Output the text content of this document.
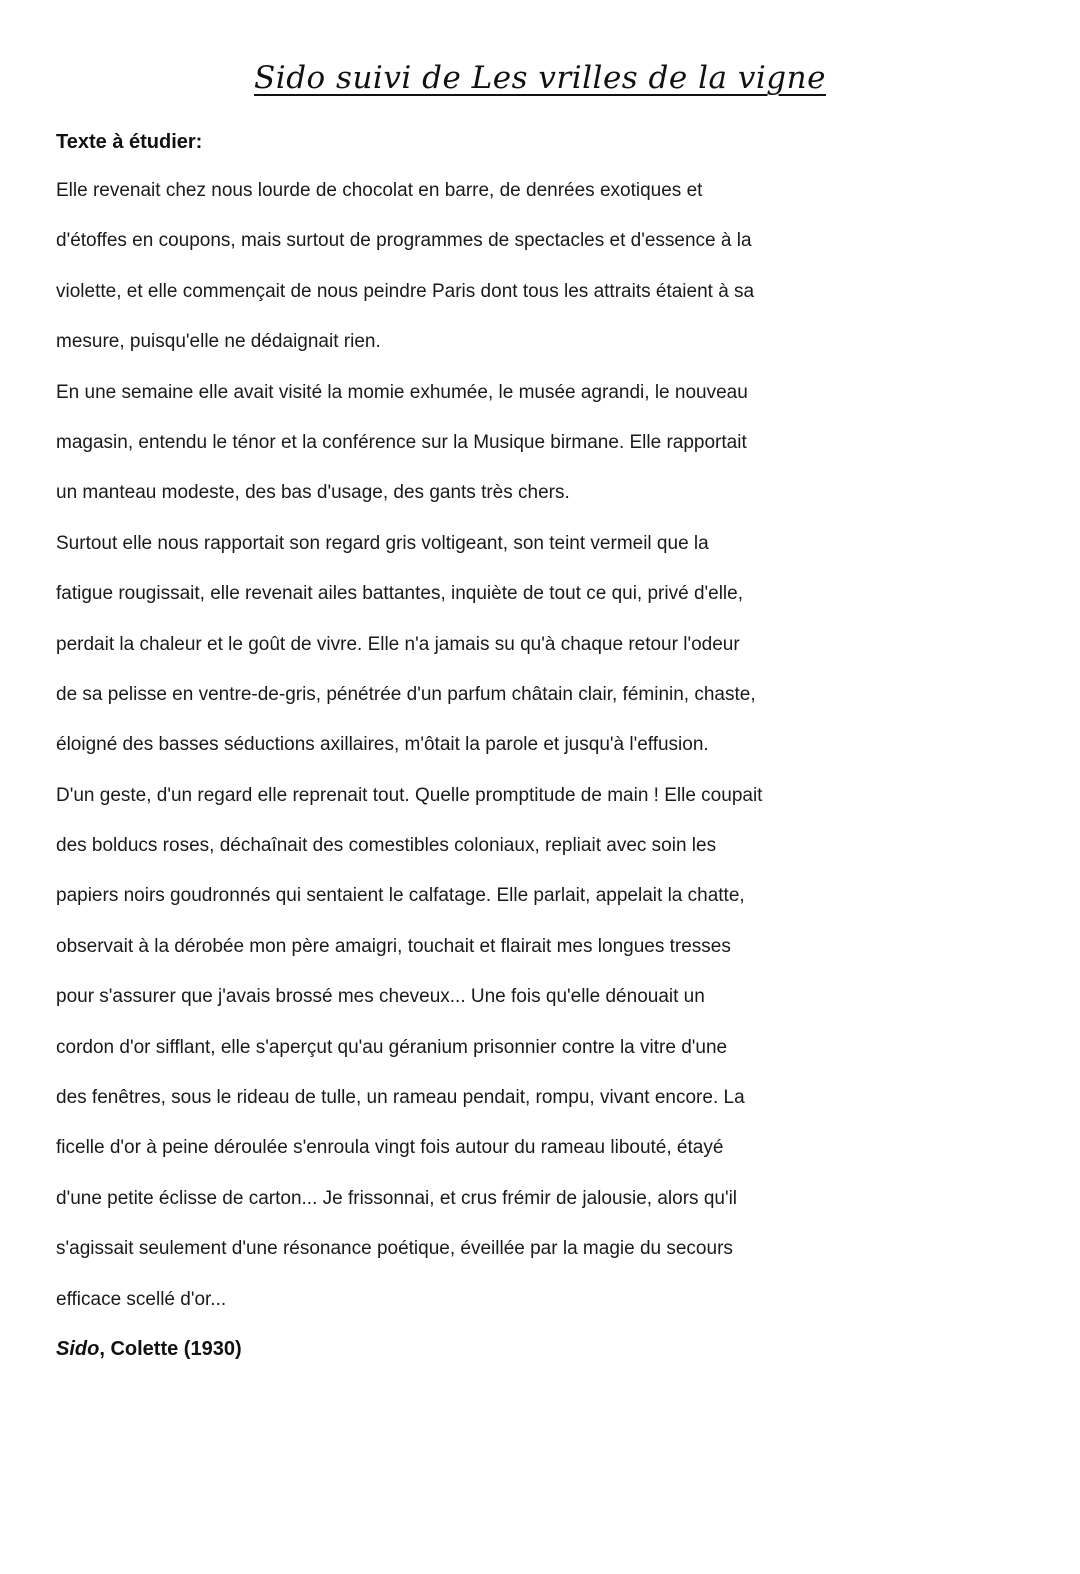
Sido suivi de Les vrilles de la vigne
Texte à étudier:
Elle revenait chez nous lourde de chocolat en barre, de denrées exotiques et
d'étoffes en coupons, mais surtout de programmes de spectacles et d'essence à la
violette, et elle commençait de nous peindre Paris dont tous les attraits étaient à sa
mesure, puisqu'elle ne dédaignait rien.
En une semaine elle avait visité la momie exhumée, le musée agrandi, le nouveau
magasin, entendu le ténor et la conférence sur la Musique birmane. Elle rapportait
un manteau modeste, des bas d'usage, des gants très chers.
Surtout elle nous rapportait son regard gris voltigeant, son teint vermeil que la
fatigue rougissait, elle revenait ailes battantes, inquiète de tout ce qui, privé d'elle,
perdait la chaleur et le goût de vivre. Elle n'a jamais su qu'à chaque retour l'odeur
de sa pelisse en ventre-de-gris, pénétrée d'un parfum châtain clair, féminin, chaste,
éloigné des basses séductions axillaires, m'ôtait la parole et jusqu'à l'effusion.
D'un geste, d'un regard elle reprenait tout. Quelle promptitude de main ! Elle coupait
des bolducs roses, déchaînait des comestibles coloniaux, repliait avec soin les
papiers noirs goudronnés qui sentaient le calfatage. Elle parlait, appelait la chatte,
observait à la dérobée mon père amaigri, touchait et flairait mes longues tresses
pour s'assurer que j'avais brossé mes cheveux... Une fois qu'elle dénouait un
cordon d'or sifflant, elle s'aperçut qu'au géranium prisonnier contre la vitre d'une
des fenêtres, sous le rideau de tulle, un rameau pendait, rompu, vivant encore. La
ficelle d'or à peine déroulée s'enroula vingt fois autour du rameau libouté, étayé
d'une petite éclisse de carton... Je frissonnai, et crus frémir de jalousie, alors qu'il
s'agissait seulement d'une résonance poétique, éveillée par la magie du secours
efficace scellé d'or...

Sido, Colette (1930)
